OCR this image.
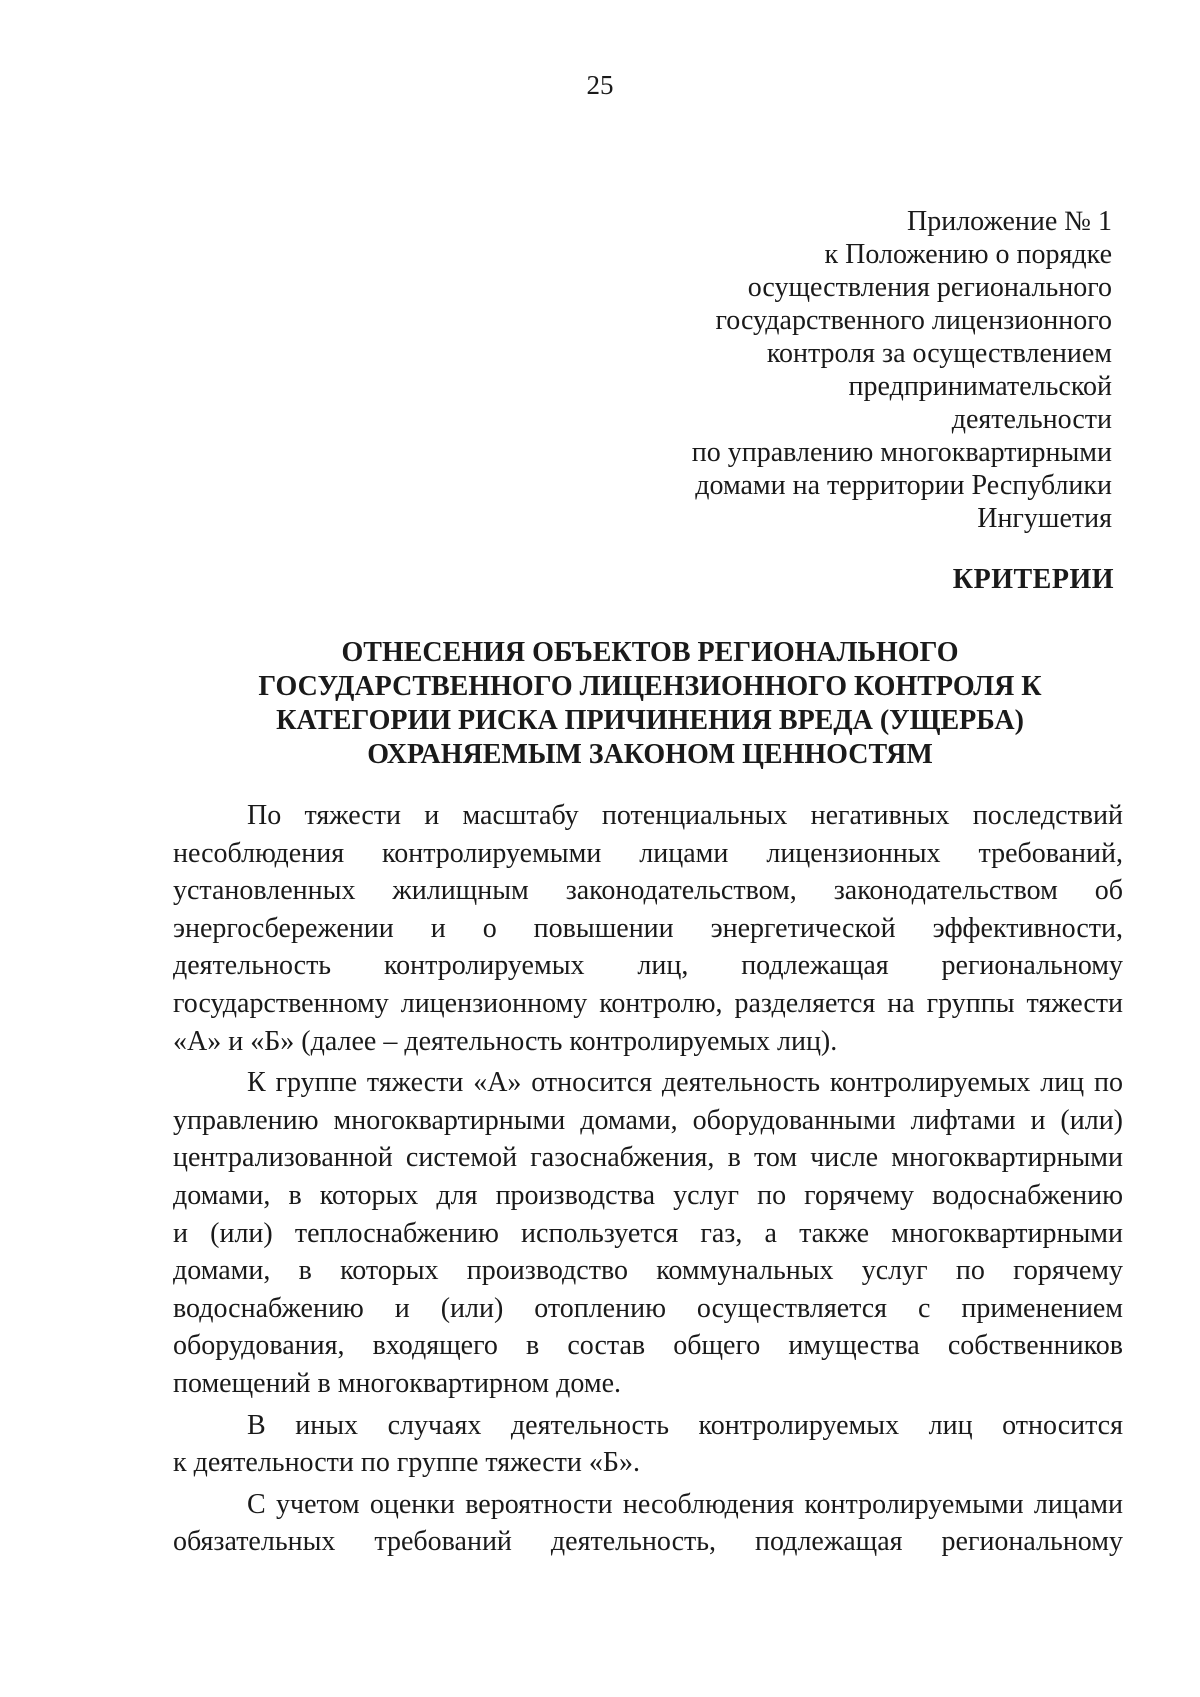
25
Приложение № 1
к Положению о порядке
осуществления регионального
государственного лицензионного
контроля за осуществлением
предпринимательской
деятельности
по управлению многоквартирными
домами на территории Республики
Ингушетия
КРИТЕРИИ
ОТНЕСЕНИЯ ОБЪЕКТОВ РЕГИОНАЛЬНОГО
ГОСУДАРСТВЕННОГО ЛИЦЕНЗИОННОГО КОНТРОЛЯ К
КАТЕГОРИИ РИСКА ПРИЧИНЕНИЯ ВРЕДА (УЩЕРБА)
ОХРАНЯЕМЫМ ЗАКОНОМ ЦЕННОСТЯМ
По тяжести и масштабу потенциальных негативных последствий
несоблюдения контролируемыми лицами лицензионных требований,
установленных жилищным законодательством, законодательством об
энергосбережении и о повышении энергетической эффективности,
деятельность контролируемых лиц, подлежащая региональному
государственному лицензионному контролю, разделяется на группы тяжести
«А» и «Б» (далее – деятельность контролируемых лиц).
К группе тяжести «А» относится деятельность контролируемых лиц по
управлению многоквартирными домами, оборудованными лифтами и (или)
централизованной системой газоснабжения, в том числе многоквартирными
домами, в которых для производства услуг по горячему водоснабжению
и (или) теплоснабжению используется газ, а также многоквартирными
домами, в которых производство коммунальных услуг по горячему
водоснабжению и (или) отоплению осуществляется с применением
оборудования, входящего в состав общего имущества собственников
помещений в многоквартирном доме.
В иных случаях деятельность контролируемых лиц относится
к деятельности по группе тяжести «Б».
С учетом оценки вероятности несоблюдения контролируемыми лицами
обязательных требований деятельность, подлежащая региональному
